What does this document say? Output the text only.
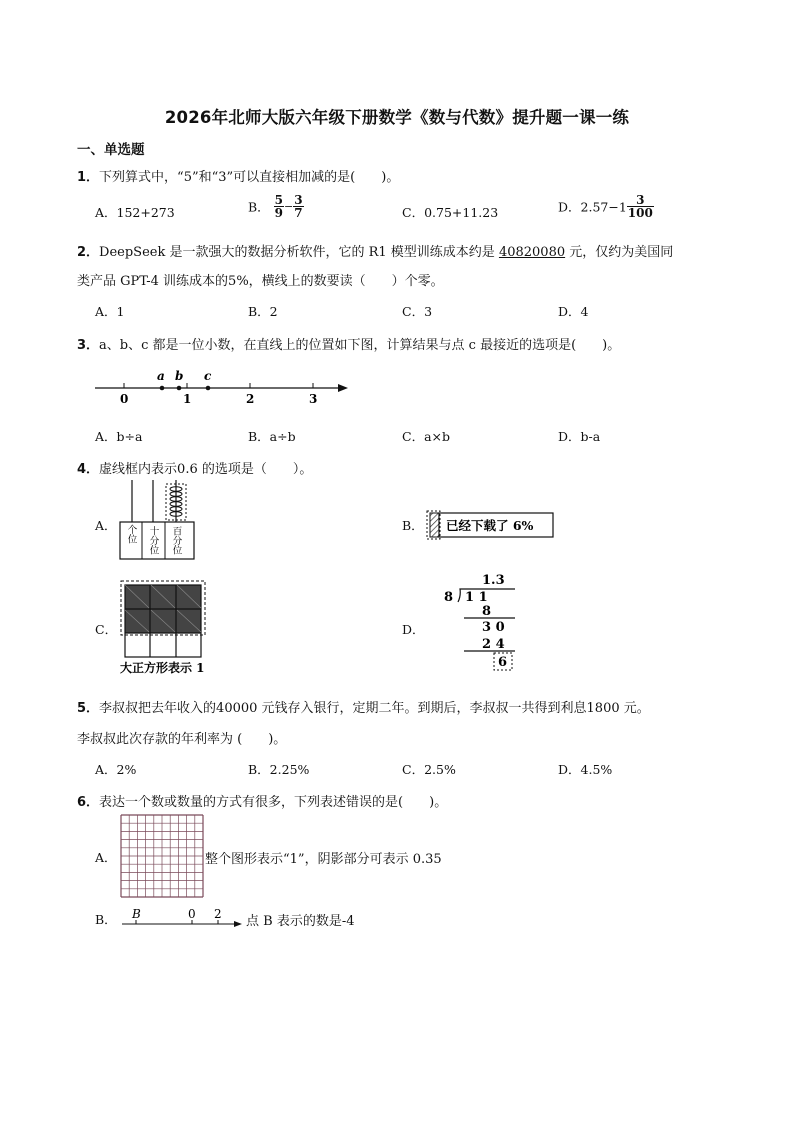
2026年北师大版六年级下册数学《数与代数》提升题一课一练
一、单选题
1．下列算式中，“5”和“3”可以直接相加减的是(　　)。
A．152+273	B． $\frac{5}{9} - \frac{3}{7}$	C．0.75+11.23	D．$2.57-1 \frac{3}{100}$
2．DeepSeek 是一款强大的数据分析软件，它的 R1 模型训练成本约是 40820080 元，仅约为美国同
类产品 GPT-4 训练成本的5%，横线上的数要读（　　）个零。
A．1	B．2	C．3	D．4
3．a、b、c 都是一位小数，在直线上的位置如下图，计算结果与点 c 最接近的选项是(　　)。
0	1	2	3
a b c
A．b÷a	B．a÷b	C．a×b	D．b-a
4．虚线框内表示0.6 的选项是（　　）。
A． 个位 十分位 百分位
B． 已经下载了 6%
C．
大正方形表示 1
D．
1.3
8 1 1
8
3 0
2 4
6
5．李叔叔把去年收入的40000 元钱存入银行，定期二年。到期后，李叔叔一共得到利息1800 元。
李叔叔此次存款的年利率为 (　　)。
A．2%	B．2.25%	C．2.5%	D．4.5%
6．表达一个数或数量的方式有很多，下列表述错误的是(　　)。
A．	整个图形表示“1”，阴影部分可表示 0.35
B． B	0 2 点 B 表示的数是-4
